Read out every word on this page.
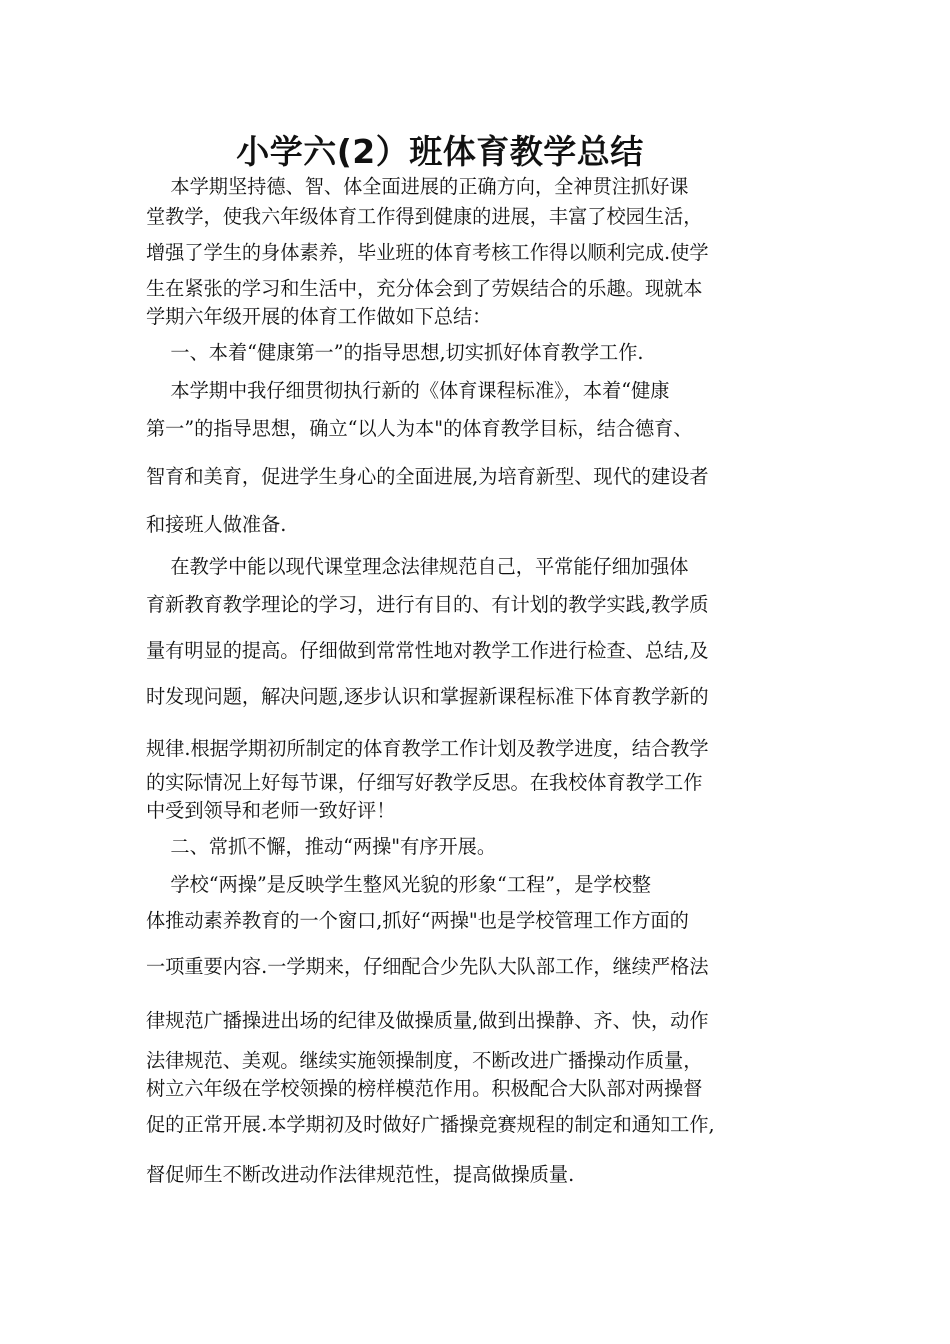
小学六(2）班体育教学总结
本学期坚持德、智、体全面进展的正确方向，全神贯注抓好课
堂教学，使我六年级体育工作得到健康的进展，丰富了校园生活，
增强了学生的身体素养，毕业班的体育考核工作得以顺利完成.使学
生在紧张的学习和生活中，充分体会到了劳娱结合的乐趣。现就本
学期六年级开展的体育工作做如下总结：
一、本着“健康第一”的指导思想,切实抓好体育教学工作.
本学期中我仔细贯彻执行新的《体育课程标准》，本着“健康
第一”的指导思想，确立“以人为本"的体育教学目标，结合德育、
智育和美育，促进学生身心的全面进展,为培育新型、现代的建设者
和接班人做准备.
在教学中能以现代课堂理念法律规范自己，平常能仔细加强体
育新教育教学理论的学习，进行有目的、有计划的教学实践,教学质
量有明显的提高。仔细做到常常性地对教学工作进行检查、总结,及
时发现问题，解决问题,逐步认识和掌握新课程标准下体育教学新的
规律.根据学期初所制定的体育教学工作计划及教学进度，结合教学
的实际情况上好每节课，仔细写好教学反思。在我校体育教学工作
中受到领导和老师一致好评！
二、常抓不懈，推动“两操"有序开展。
学校“两操”是反映学生整风光貌的形象“工程”，是学校整
体推动素养教育的一个窗口,抓好“两操"也是学校管理工作方面的
一项重要内容.一学期来，仔细配合少先队大队部工作，继续严格法
律规范广播操进出场的纪律及做操质量,做到出操静、齐、快，动作
法律规范、美观。继续实施领操制度，不断改进广播操动作质量，
树立六年级在学校领操的榜样模范作用。积极配合大队部对两操督
促的正常开展.本学期初及时做好广播操竞赛规程的制定和通知工作,
督促师生不断改进动作法律规范性，提高做操质量.
